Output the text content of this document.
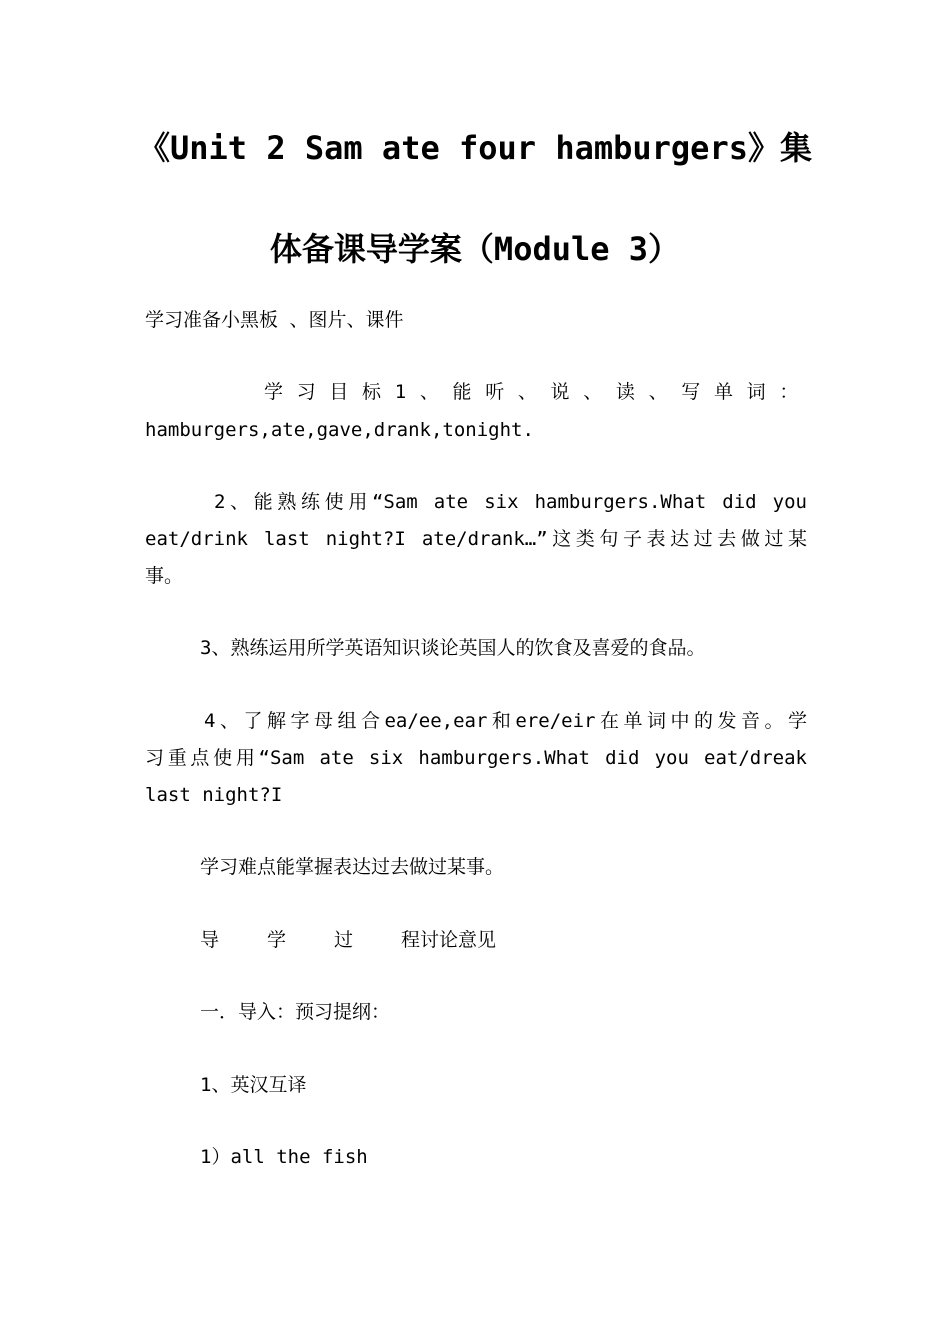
《Unit 2 Sam ate four hamburgers》集
体备课导学案（Module 3）
学习准备小黑板 、图片、课件
学习目标1、能听、说、读、写单词：
hamburgers,ate,gave,drank,tonight.
2、能熟练使用“Sam ate six hamburgers.What did you
eat/drink last night?I ate/drank…”这类句子表达过去做过某
事。
3、熟练运用所学英语知识谈论英国人的饮食及喜爱的食品。
4、了解字母组合ea/ee,ear和ere/eir在单词中的发音。学
习重点使用“Sam ate six hamburgers.What did you eat/dreak
last night?I
学习难点能掌握表达过去做过某事。
导	学	过	程讨论意见
一．导入：预习提纲：
1、英汉互译
1）all the fish
